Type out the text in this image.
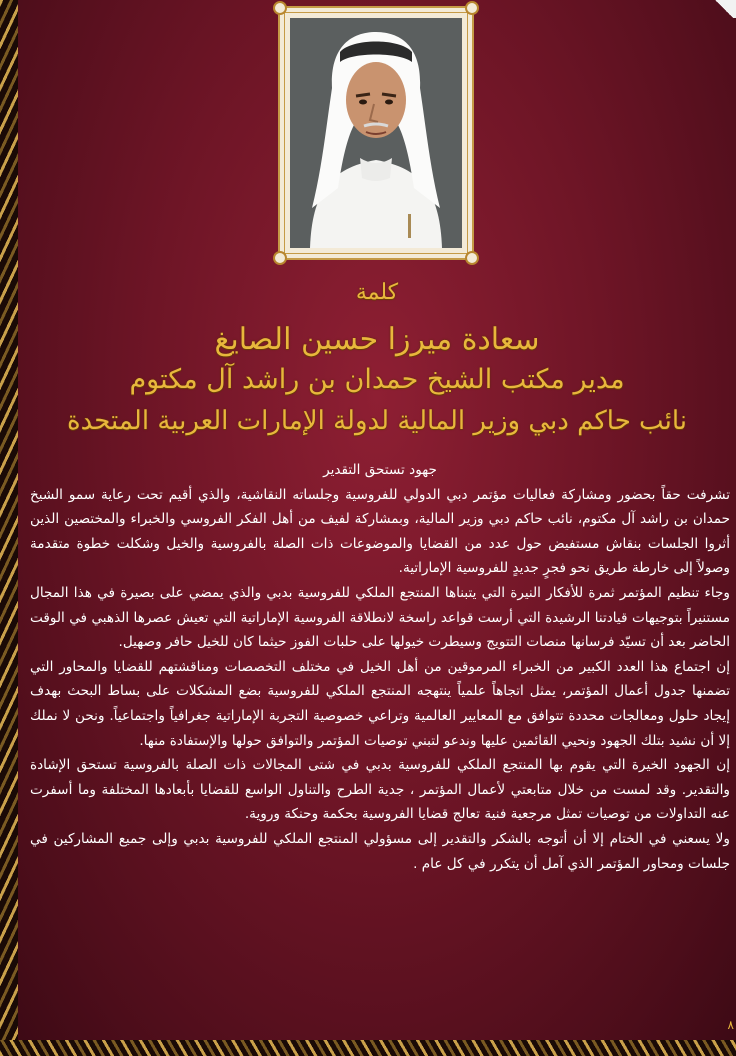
كلمة
سعادة ميرزا حسين الصايغ
مدير مكتب الشيخ حمدان بن راشد آل مكتوم
نائب حاكم دبي وزير المالية لدولة الإمارات العربية المتحدة
جهود تستحق التقدير

تشرفت حقاً بحضور ومشاركة فعاليات مؤتمر دبي الدولي للفروسية وجلساته النقاشية، والذي أقيم تحت رعاية سمو الشيخ حمدان بن راشد آل مكتوم، نائب حاكم دبي وزير المالية، وبمشاركة لفيف من أهل الفكر الفروسي والخبراء والمختصين الذين أثروا الجلسات بنقاش مستفيض حول عدد من القضايا والموضوعات ذات الصلة بالفروسية والخيل وشكلت خطوة متقدمة وصولاً إلى خارطة طريق نحو فجرٍ جديدٍ للفروسية الإماراتية.

وجاء تنظيم المؤتمر ثمرة للأفكار النيرة التي يتبناها المنتجع الملكي للفروسية بدبي والذي يمضي على بصيرة في هذا المجال مستنيراً بتوجيهات قيادتنا الرشيدة التي أرست قواعد راسخة لانطلاقة الفروسية الإماراتية التي تعيش عصرها الذهبي في الوقت الحاضر بعد أن تسيّد فرسانها منصات التتويج وسيطرت خيولها على حلبات الفوز حيثما كان للخيل حافر وصهيل.

إن اجتماع هذا العدد الكبير من الخبراء المرموقين من أهل الخيل في مختلف التخصصات ومناقشتهم للقضايا والمحاور التي تضمنها جدول أعمال المؤتمر، يمثل اتجاهاً علمياً ينتهجه المنتجع الملكي للفروسية بضع المشكلات على بساط البحث بهدف إيجاد حلول ومعالجات محددة تتوافق مع المعايير العالمية وتراعي خصوصية التجربة الإماراتية جغرافياً واجتماعياً. ونحن لا نملك إلا أن نشيد بتلك الجهود ونحيي القائمين عليها وندعو لتبني توصيات المؤتمر والتوافق حولها والإستفادة منها.

إن الجهود الخيرة التي يقوم بها المنتجع الملكي للفروسية بدبي في شتى المجالات ذات الصلة بالفروسية تستحق الإشادة والتقدير. وقد لمست من خلال متابعتي لأعمال المؤتمر ، جدية الطرح والتناول الواسع للقضايا بأبعادها المختلفة وما أسفرت عنه التداولات من توصيات تمثل مرجعية فنية تعالج قضايا الفروسية بحكمة وحنكة وروية.

ولا يسعني في الختام إلا أن أتوجه بالشكر والتقدير إلى مسؤولي المنتجع الملكي للفروسية بدبي وإلى جميع المشاركين في جلسات ومحاور المؤتمر الذي آمل أن يتكرر في كل عام .

٨
